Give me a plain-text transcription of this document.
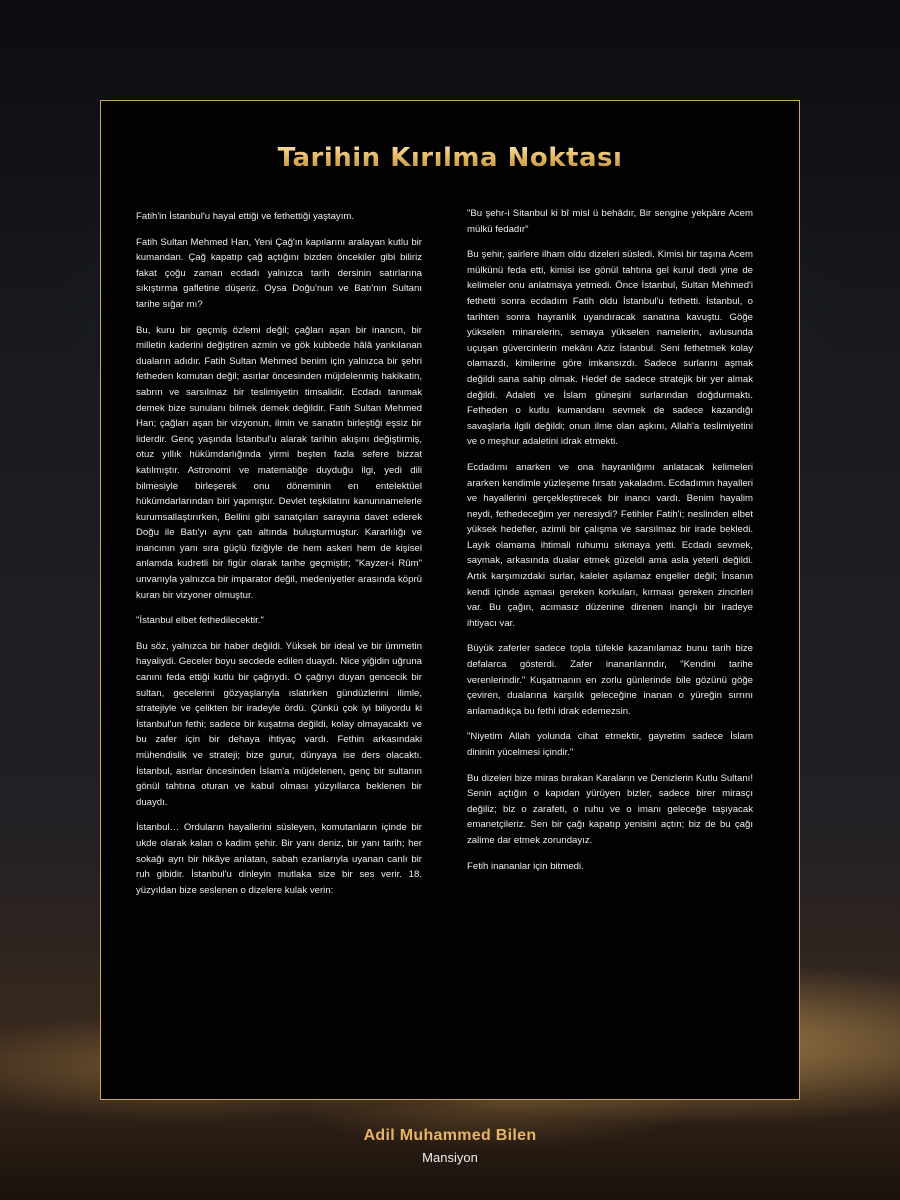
Tarihin Kırılma Noktası

Fatih'in İstanbul'u hayal ettiği ve fethettiği yaştayım.

Fatih Sultan Mehmed Han, Yeni Çağ'ın kapılarını aralayan kutlu bir kumandan. Çağ kapatıp çağ açtığını bizden öncekiler gibi biliriz fakat çoğu zaman ecdadı yalnızca tarih dersinin satırlarına sıkıştırma gafletine düşeriz. Oysa Doğu'nun ve Batı'nın Sultanı tarihe sığar mı?

Bu, kuru bir geçmiş özlemi değil; çağları aşan bir inancın, bir milletin kaderini değiştiren azmin ve gök kubbede hâlâ yankılanan duaların adıdır. Fatih Sultan Mehmed benim için yalnızca bir şehri fetheden komutan değil; asırlar öncesinden müjdelenmiş hakikatin, sabrın ve sarsılmaz bir teslimiyetin timsalidir. Ecdadı tanımak demek bize sunulanı bilmek demek değildir. Fatih Sultan Mehmed Han; çağları aşan bir vizyonun, ilmin ve sanatın birleştiği eşsiz bir liderdir. Genç yaşında İstanbul'u alarak tarihin akışını değiştirmiş, otuz yıllık hükümdarlığında yirmi beşten fazla sefere bizzat katılmıştır. Astronomi ve matematiğe duyduğu ilgi, yedi dili bilmesiyle birleşerek onu döneminin en entelektüel hükümdarlarından biri yapmıştır. Devlet teşkilatını kanunnamelerle kurumsallaştırırken, Bellini gibi sanatçıları sarayına davet ederek Doğu ile Batı'yı aynı çatı altında buluşturmuştur. Kararlılığı ve inancının yanı sıra güçlü fiziğiyle de hem askeri hem de kişisel anlamda kudretli bir figür olarak tarihe geçmiştir; "Kayzer-i Rûm" unvanıyla yalnızca bir imparator değil, medeniyetler arasında köprü kuran bir vizyoner olmuştur.

"İstanbul elbet fethedilecektir."

Bu söz, yalnızca bir haber değildi. Yüksek bir ideal ve bir ümmetin hayaliydi. Geceler boyu secdede edilen duaydı. Nice yiğidin uğruna canını feda ettiği kutlu bir çağrıydı. O çağrıyı duyan gencecik bir sultan, gecelerini gözyaşlarıyla ıslatırken gündüzlerini ilimle, stratejiyle ve çelikten bir iradeyle ördü. Çünkü çok iyi biliyordu ki İstanbul'un fethi; sadece bir kuşatma değildi, kolay olmayacaktı ve bu zafer için bir dehaya ihtiyaç vardı. Fethin arkasındaki mühendislik ve strateji; bize gurur, dünyaya ise ders olacaktı. İstanbul, asırlar öncesinden İslam'a müjdelenen, genç bir sultanın gönül tahtına oturan ve kabul olması yüzyıllarca beklenen bir duaydı.

İstanbul… Orduların hayallerini süsleyen, komutanların içinde bir ukde olarak kalan o kadim şehir. Bir yanı deniz, bir yanı tarih; her sokağı ayrı bir hikâye anlatan, sabah ezanlarıyla uyanan canlı bir ruh gibidir. İstanbul'u dinleyin mutlaka size bir ses verir. 18. yüzyıldan bize seslenen o dizelere kulak verin:

"Bu şehr-i Sitanbul ki bî misl ü behâdır, Bir sengine yekpâre Acem mülkü fedadır"

Bu şehir, şairlere ilham oldu dizeleri süsledi. Kimisi bir taşına Acem mülkünü feda etti, kimisi ise gönül tahtına gel kurul dedi yine de kelimeler onu anlatmaya yetmedi. Önce İstanbul, Sultan Mehmed'i fethetti sonra ecdadım Fatih oldu İstanbul'u fethetti. İstanbul, o tarihten sonra hayranlık uyandıracak sanatına kavuştu. Göğe yükselen minarelerin, semaya yükselen namelerin, avlusunda uçuşan güvercinlerin mekânı Aziz İstanbul. Seni fethetmek kolay olamazdı, kimilerine göre imkansızdı. Sadece surlarını aşmak değildi sana sahip olmak. Hedef de sadece stratejik bir yer almak değildi. Adaleti ve İslam güneşini surlarından doğdurmaktı. Fetheden o kutlu kumandanı sevmek de sadece kazandığı savaşlarla ilgili değildi; onun ilme olan aşkını, Allah'a teslimiyetini ve o meşhur adaletini idrak etmekti.

Ecdadımı anarken ve ona hayranlığımı anlatacak kelimeleri ararken kendimle yüzleşeme fırsatı yakaladım. Ecdadımın hayalleri ve hayallerini gerçekleştirecek bir inancı vardı. Benim hayalim neydi, fethedeceğim yer neresiydi? Fetihler Fatih'i; neslinden elbet yüksek hedefler, azimli bir çalışma ve sarsılmaz bir irade bekledi. Layık olamama ihtimali ruhumu sıkmaya yetti. Ecdadı sevmek, saymak, arkasında dualar etmek güzeldi ama asla yeterli değildi. Artık karşımızdaki surlar, kaleler aşılamaz engeller değil; İnsanın kendi içinde aşması gereken korkuları, kırması gereken zincirleri var. Bu çağın, acımasız düzenine direnen inançlı bir iradeye ihtiyacı var.

Büyük zaferler sadece topla tüfekle kazanılamaz bunu tarih bize defalarca gösterdi. Zafer inananlarındır, "Kendini tarihe verenlerindir." Kuşatmanın en zorlu günlerinde bile gözünü göğe çeviren, dualarına karşılık geleceğine inanan o yüreğin sırrını anlamadıkça bu fethi idrak edemezsin.

"Niyetim Allah yolunda cihat etmektir, gayretim sadece İslam dininin yücelmesi içindir."

Bu dizeleri bize miras bırakan Karaların ve Denizlerin Kutlu Sultanı! Senin açtığın o kapıdan yürüyen bizler, sadece birer mirasçı değiliz; biz o zarafeti, o ruhu ve o imanı geleceğe taşıyacak emanetçileriz. Sen bir çağı kapatıp yenisini açtın; biz de bu çağı zalime dar etmek zorundayız.

Fetih inananlar için bitmedi.

Adil Muhammed Bilen
Mansiyon
